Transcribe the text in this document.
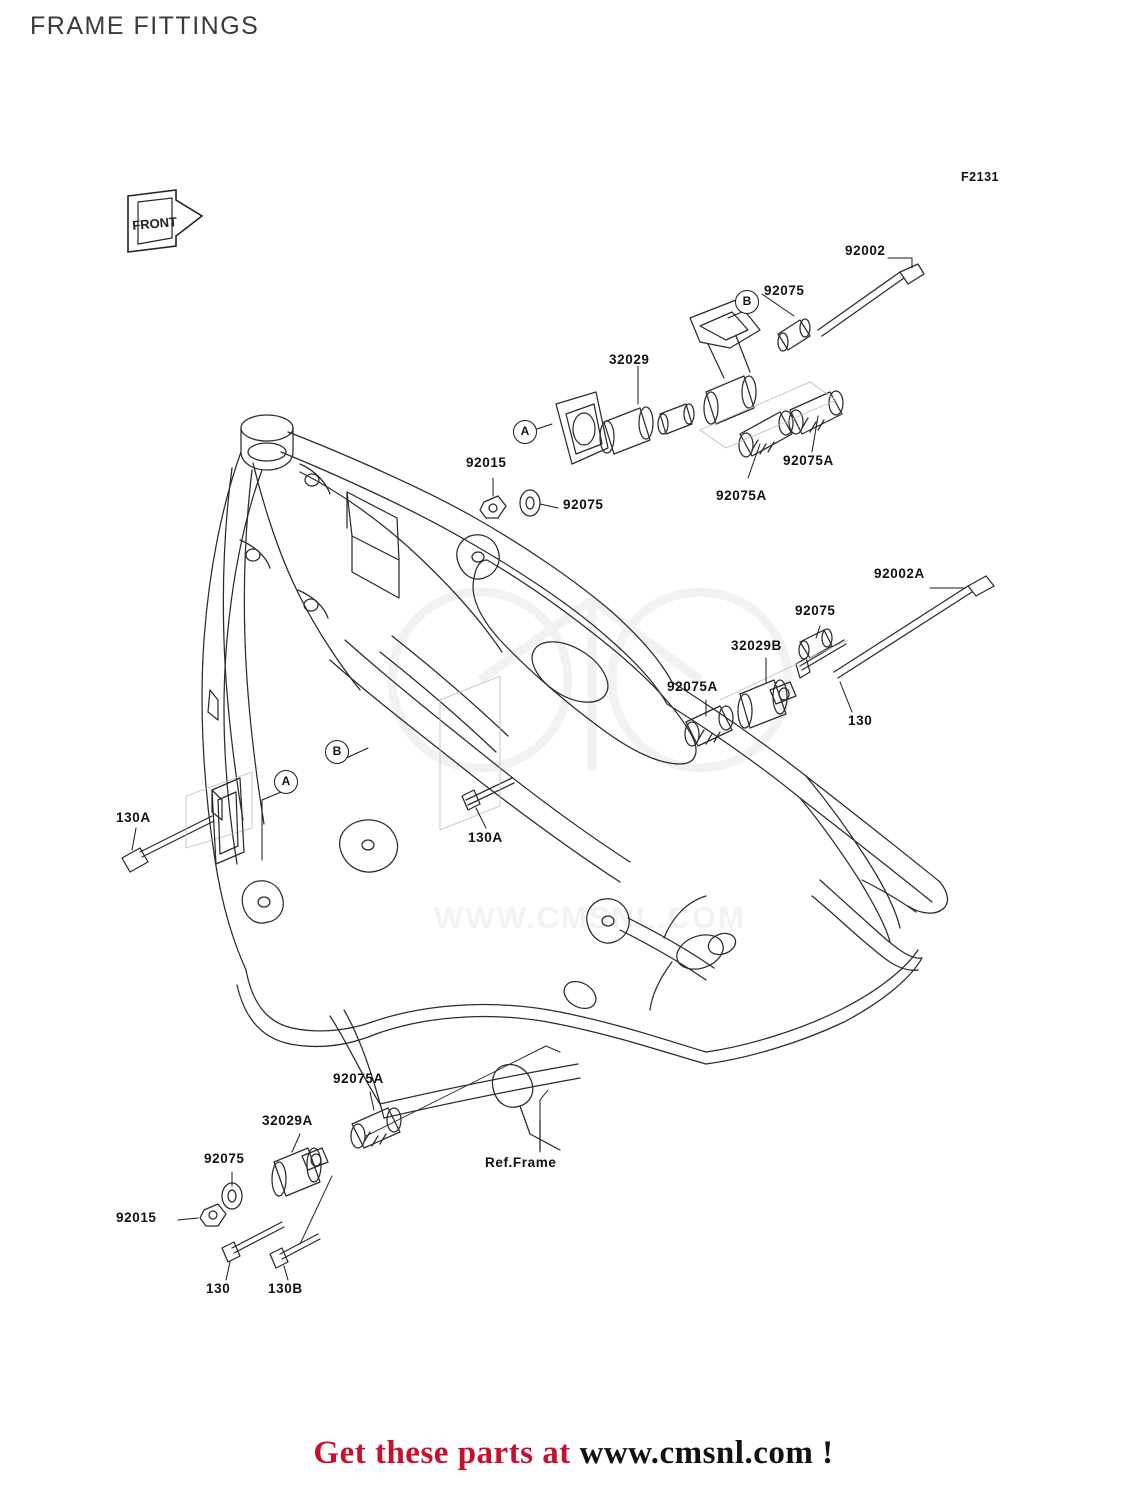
FRAME FITTINGS
F2131
FRONT
WWW.CMSNL.COM
A
B
A
B
92002
92075
32029
92075A
92075A
92015
92075
92002A
92075
32029B
92075A
130
130A
130A
92075A
32029A
92075
92015
130	130B
Ref.Frame
Get these parts at www.cmsnl.com !
